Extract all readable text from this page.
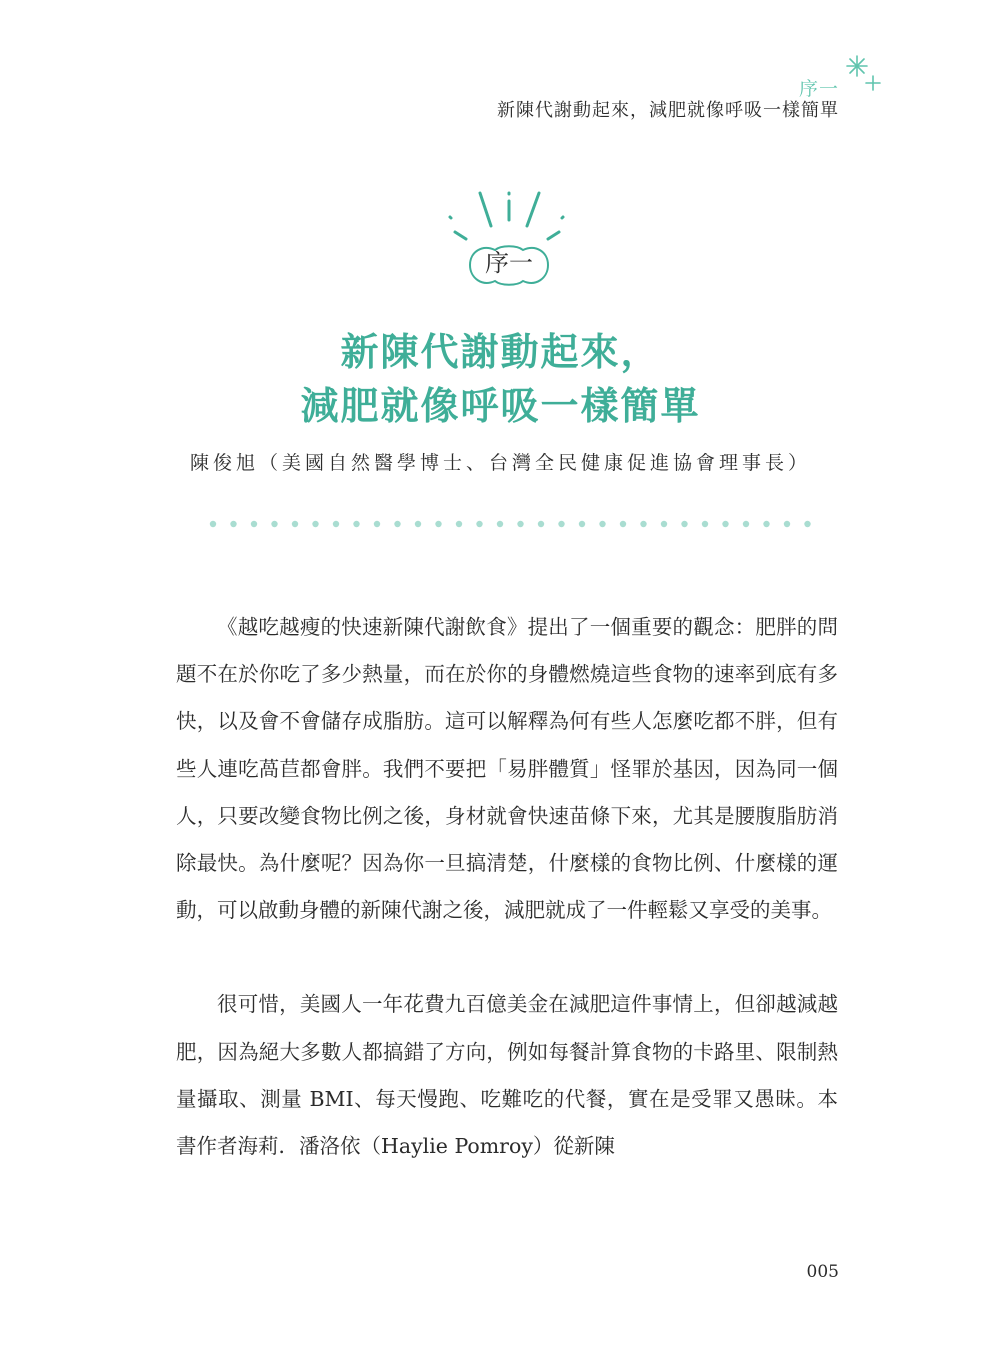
序一
新陳代謝動起來，減肥就像呼吸一樣簡單
序一
新陳代謝動起來，
減肥就像呼吸一樣簡單
陳俊旭（美國自然醫學博士、台灣全民健康促進協會理事長）

《越吃越瘦的快速新陳代謝飲食》提出了一個重要的觀念：肥胖的問題不在於你吃了多少熱量，而在於你的身體燃燒這些食物的速率到底有多快，以及會不會儲存成脂肪。這可以解釋為何有些人怎麼吃都不胖，但有些人連吃萵苣都會胖。我們不要把「易胖體質」怪罪於基因，因為同一個人，只要改變食物比例之後，身材就會快速苗條下來，尤其是腰腹脂肪消除最快。為什麼呢？因為你一旦搞清楚，什麼樣的食物比例、什麼樣的運動，可以啟動身體的新陳代謝之後，減肥就成了一件輕鬆又享受的美事。

很可惜，美國人一年花費九百億美金在減肥這件事情上，但卻越減越肥，因為絕大多數人都搞錯了方向，例如每餐計算食物的卡路里、限制熱量攝取、測量 BMI、每天慢跑、吃難吃的代餐，實在是受罪又愚昧。本書作者海莉．潘洛依（Haylie Pomroy）從新陳

005
